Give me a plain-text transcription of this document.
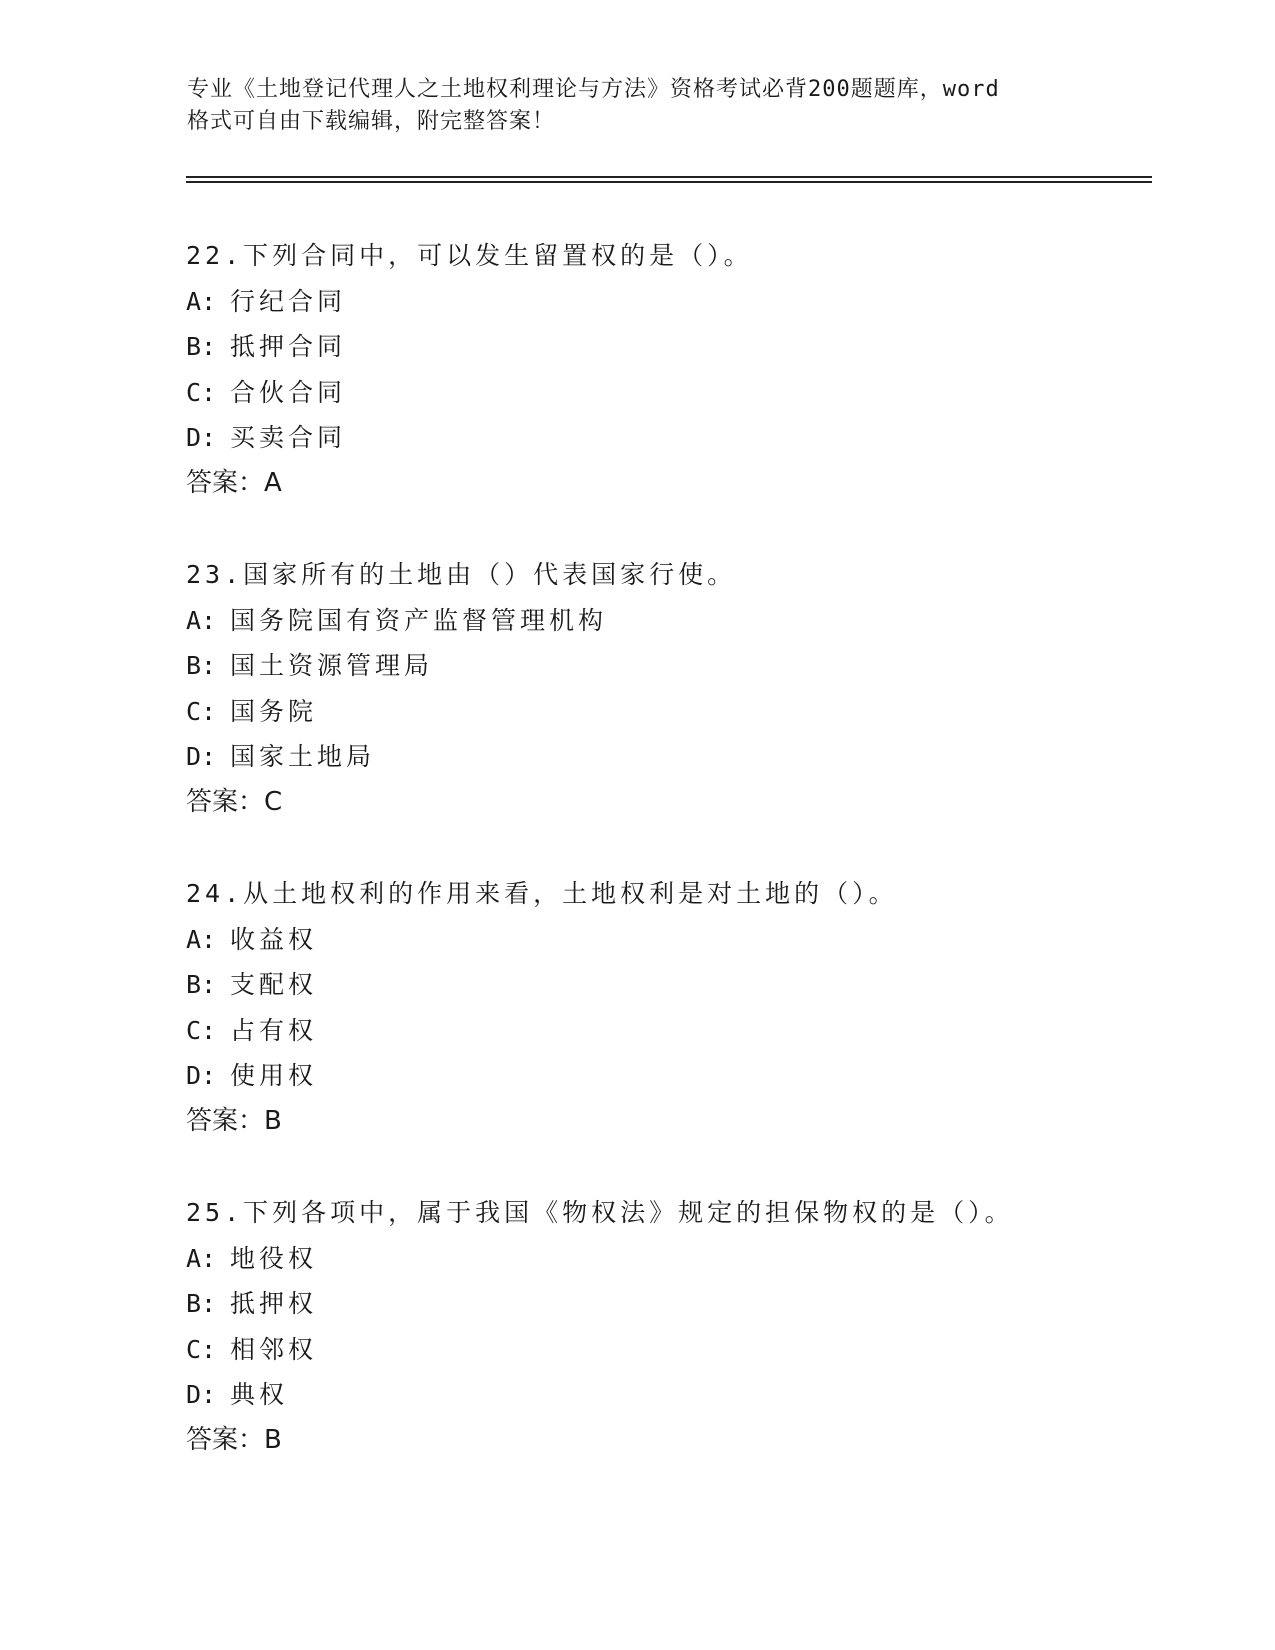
专业《土地登记代理人之土地权利理论与方法》资格考试必背200题题库，word
格式可自由下载编辑，附完整答案！
22.下列合同中，可以发生留置权的是（）。
A: 行纪合同
B: 抵押合同
C: 合伙合同
D: 买卖合同
答案：A
23.国家所有的土地由（）代表国家行使。
A: 国务院国有资产监督管理机构
B: 国土资源管理局
C: 国务院
D: 国家土地局
答案：C
24.从土地权利的作用来看，土地权利是对土地的（）。
A: 收益权
B: 支配权
C: 占有权
D: 使用权
答案：B
25.下列各项中，属于我国《物权法》规定的担保物权的是（）。
A: 地役权
B: 抵押权
C: 相邻权
D: 典权
答案：B
